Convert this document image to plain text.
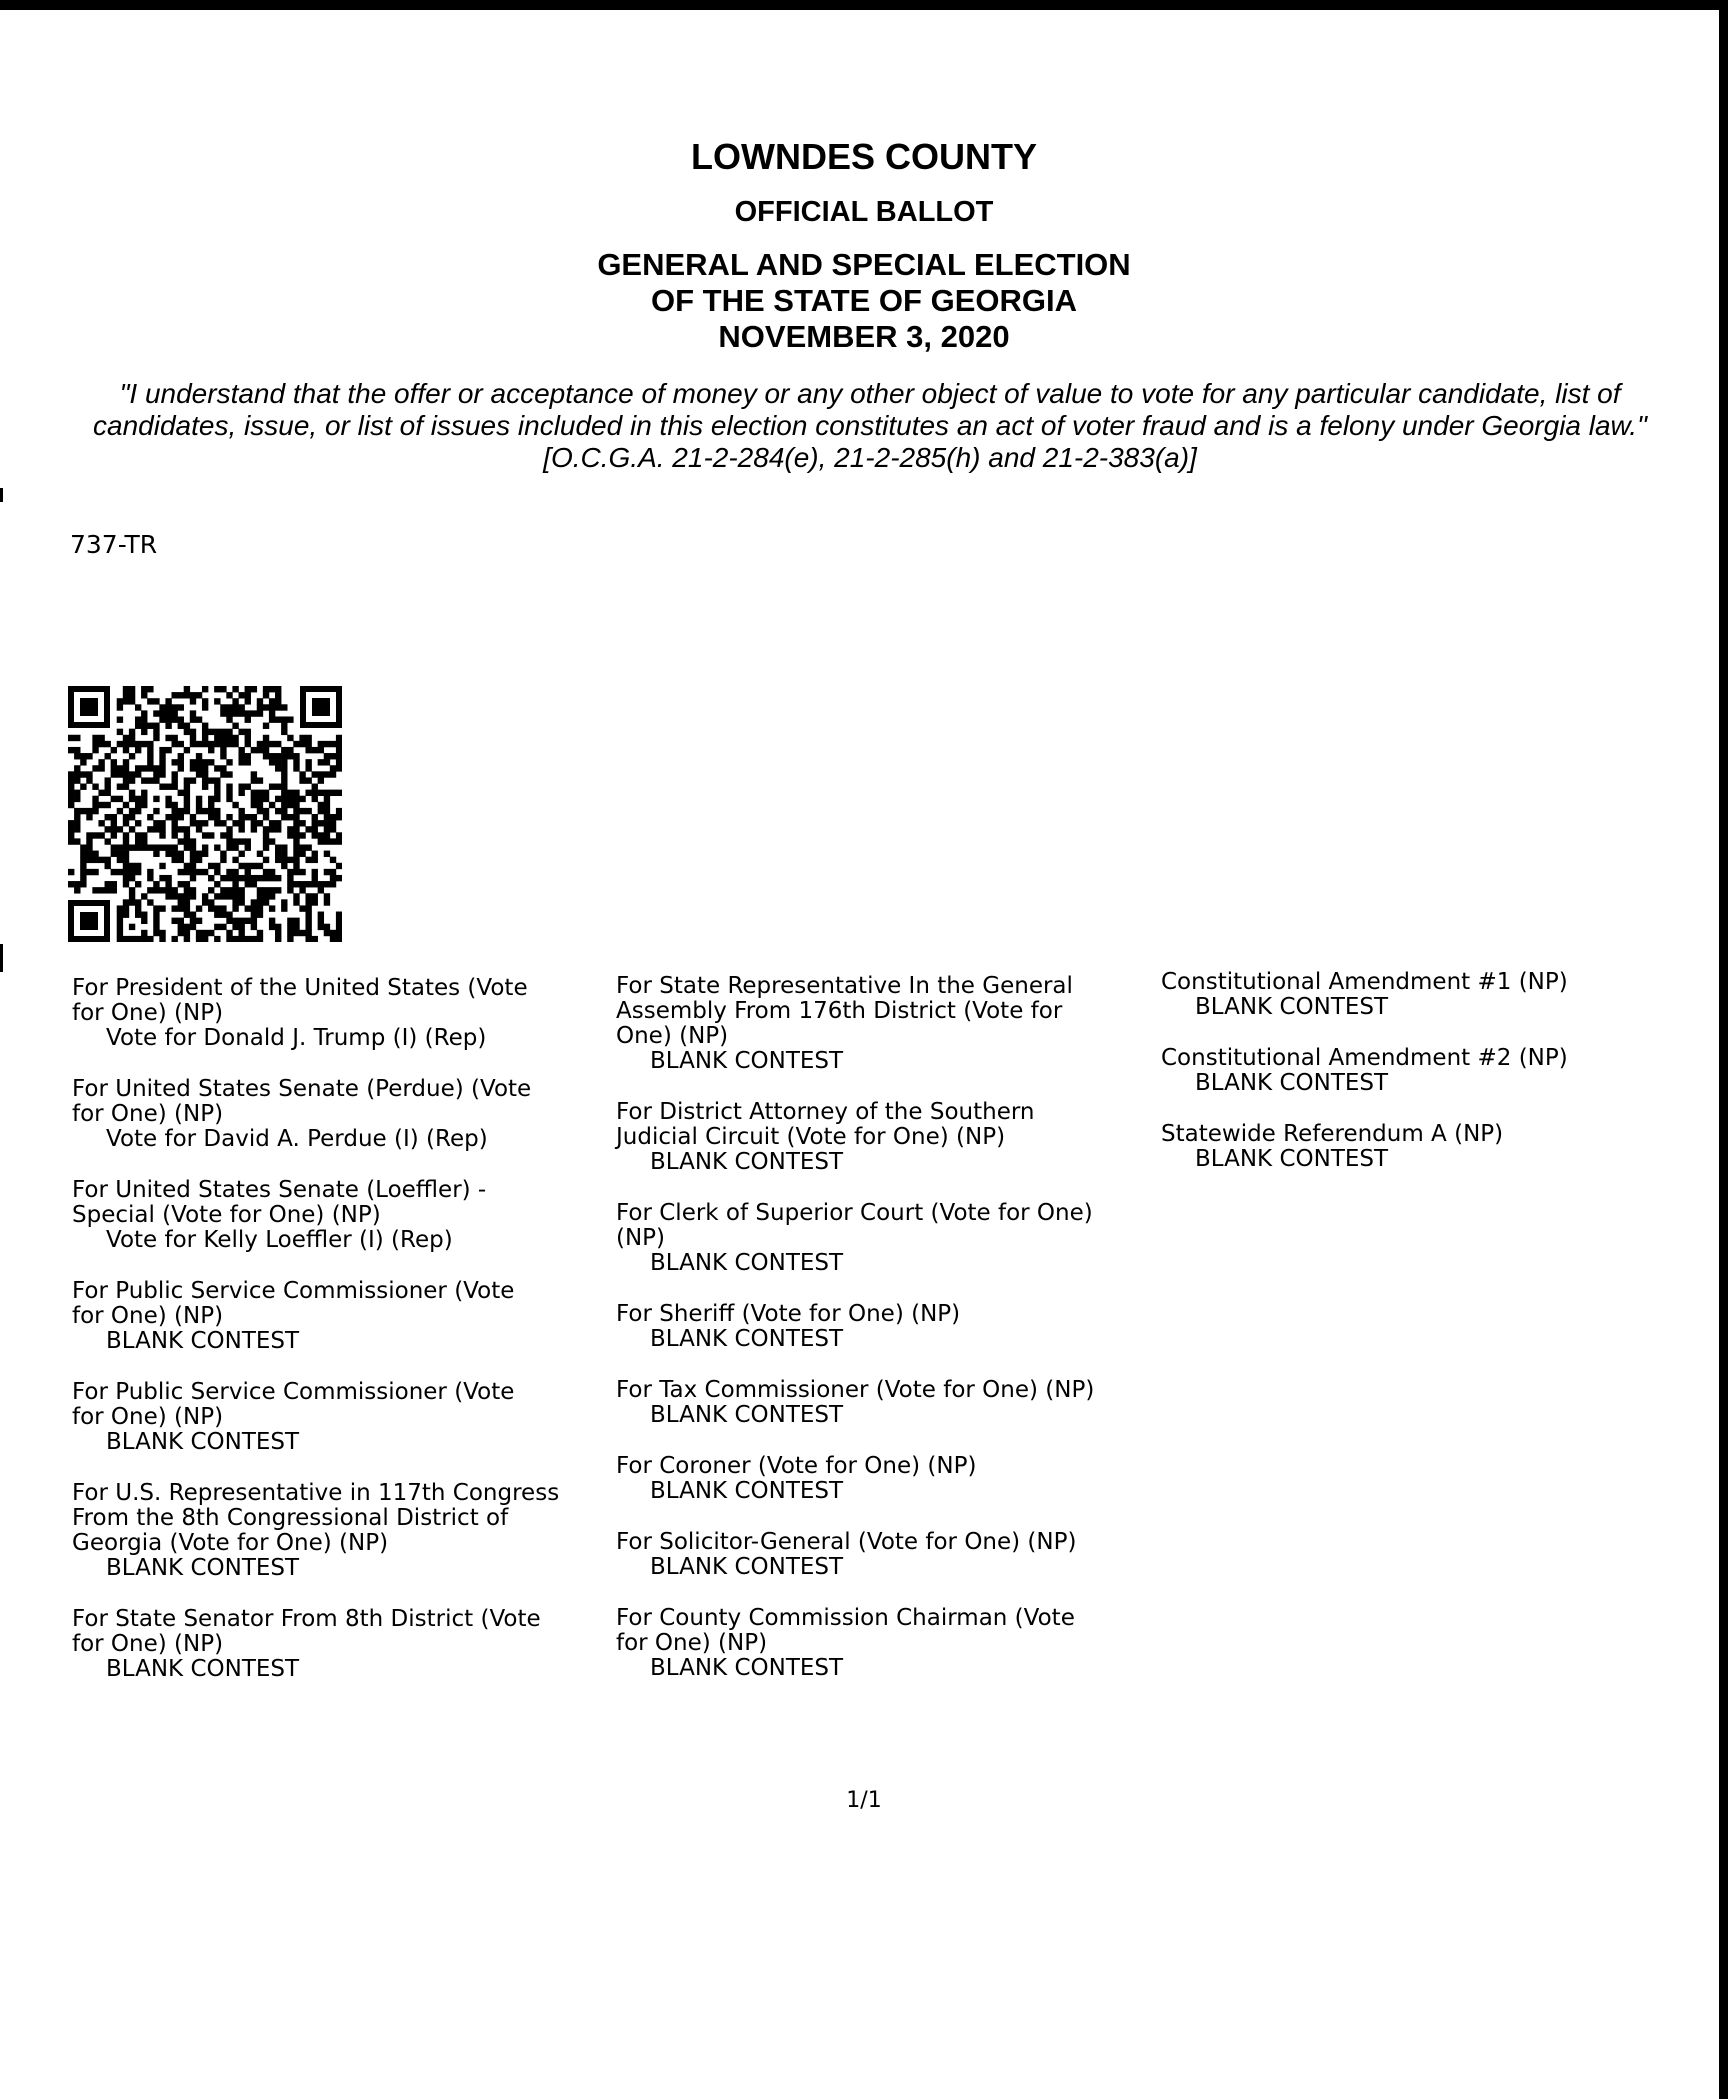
LOWNDES COUNTY
OFFICIAL BALLOT
GENERAL AND SPECIAL ELECTION
OF THE STATE OF GEORGIA
NOVEMBER 3, 2020
"I understand that the offer or acceptance of money or any other object of value to vote for any particular candidate, list of candidates, issue, or list of issues included in this election constitutes an act of voter fraud and is a felony under Georgia law." [O.C.G.A. 21-2-284(e), 21-2-285(h) and 21-2-383(a)]
737-TR
For President of the United States (Vote
for One) (NP)
Vote for Donald J. Trump (I) (Rep)
For United States Senate (Perdue) (Vote
for One) (NP)
Vote for David A. Perdue (I) (Rep)
For United States Senate (Loeffler) -
Special (Vote for One) (NP)
Vote for Kelly Loeffler (I) (Rep)
For Public Service Commissioner (Vote
for One) (NP)
BLANK CONTEST
For Public Service Commissioner (Vote
for One) (NP)
BLANK CONTEST
For U.S. Representative in 117th Congress
From the 8th Congressional District of
Georgia (Vote for One) (NP)
BLANK CONTEST
For State Senator From 8th District (Vote
for One) (NP)
BLANK CONTEST
For State Representative In the General
Assembly From 176th District (Vote for
One) (NP)
BLANK CONTEST
For District Attorney of the Southern
Judicial Circuit (Vote for One) (NP)
BLANK CONTEST
For Clerk of Superior Court (Vote for One)
(NP)
BLANK CONTEST
For Sheriff (Vote for One) (NP)
BLANK CONTEST
For Tax Commissioner (Vote for One) (NP)
BLANK CONTEST
For Coroner (Vote for One) (NP)
BLANK CONTEST
For Solicitor-General (Vote for One) (NP)
BLANK CONTEST
For County Commission Chairman (Vote
for One) (NP)
BLANK CONTEST
Constitutional Amendment #1 (NP)
BLANK CONTEST
Constitutional Amendment #2 (NP)
BLANK CONTEST
Statewide Referendum A (NP)
BLANK CONTEST
1/1
